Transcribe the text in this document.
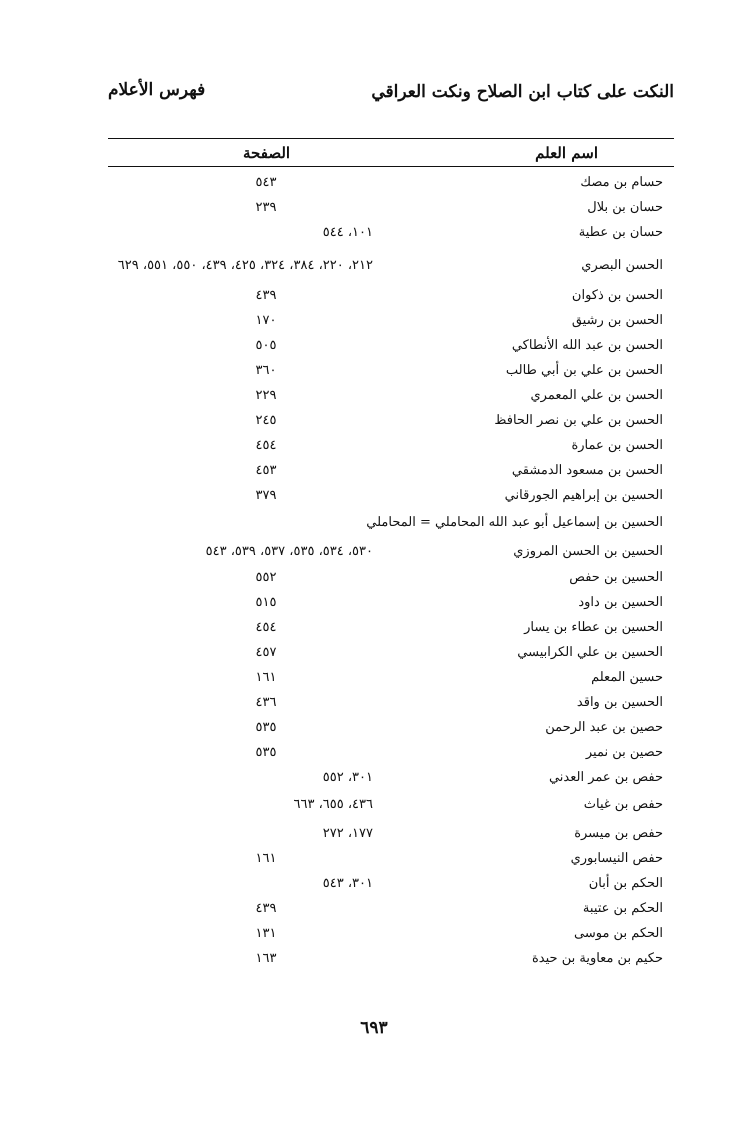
فهرس الأعلام	النكت على كتاب ابن الصلاح ونكت العراقي
اسم العلم
الصفحة
حسام بن مصك
٥٤٣
حسان بن بلال
٢٣٩
حسان بن عطية
١٠١، ٥٤٤
الحسن البصري
٢١٢، ٢٢٠، ٣٨٤، ٣٢٤، ٤٢٥، ٤٣٩، ٥٥٠، ٥٥١، ٦٢٩
الحسن بن ذكوان
٤٣٩
الحسن بن رشيق
١٧٠
الحسن بن عبد الله الأنطاكي
٥٠٥
الحسن بن علي بن أبي طالب
٣٦٠
الحسن بن علي المعمري
٢٢٩
الحسن بن علي بن نصر الحافظ
٢٤٥
الحسن بن عمارة
٤٥٤
الحسن بن مسعود الدمشقي
٤٥٣
الحسين بن إبراهيم الجورقاني
٣٧٩
الحسين بن إسماعيل أبو عبد الله المحاملي = المحاملي
الحسين بن الحسن المروزي
٥٣٠، ٥٣٤، ٥٣٥، ٥٣٧، ٥٣٩، ٥٤٣
الحسين بن حفص
٥٥٢
الحسين بن داود
٥١٥
الحسين بن عطاء بن يسار
٤٥٤
الحسين بن علي الكرابيسي
٤٥٧
حسين المعلم
١٦١
الحسين بن واقد
٤٣٦
حصين بن عبد الرحمن
٥٣٥
حصين بن نمير
٥٣٥
حفص بن عمر العدني
٣٠١، ٥٥٢
حفص بن غياث
٤٣٦، ٦٥٥، ٦٦٣
حفص بن ميسرة
١٧٧، ٢٧٢
حفص النيسابوري
١٦١
الحكم بن أبان
٣٠١، ٥٤٣
الحكم بن عتيبة
٤٣٩
الحكم بن موسى
١٣١
حكيم بن معاوية بن حيدة
١٦٣
٦٩٣
